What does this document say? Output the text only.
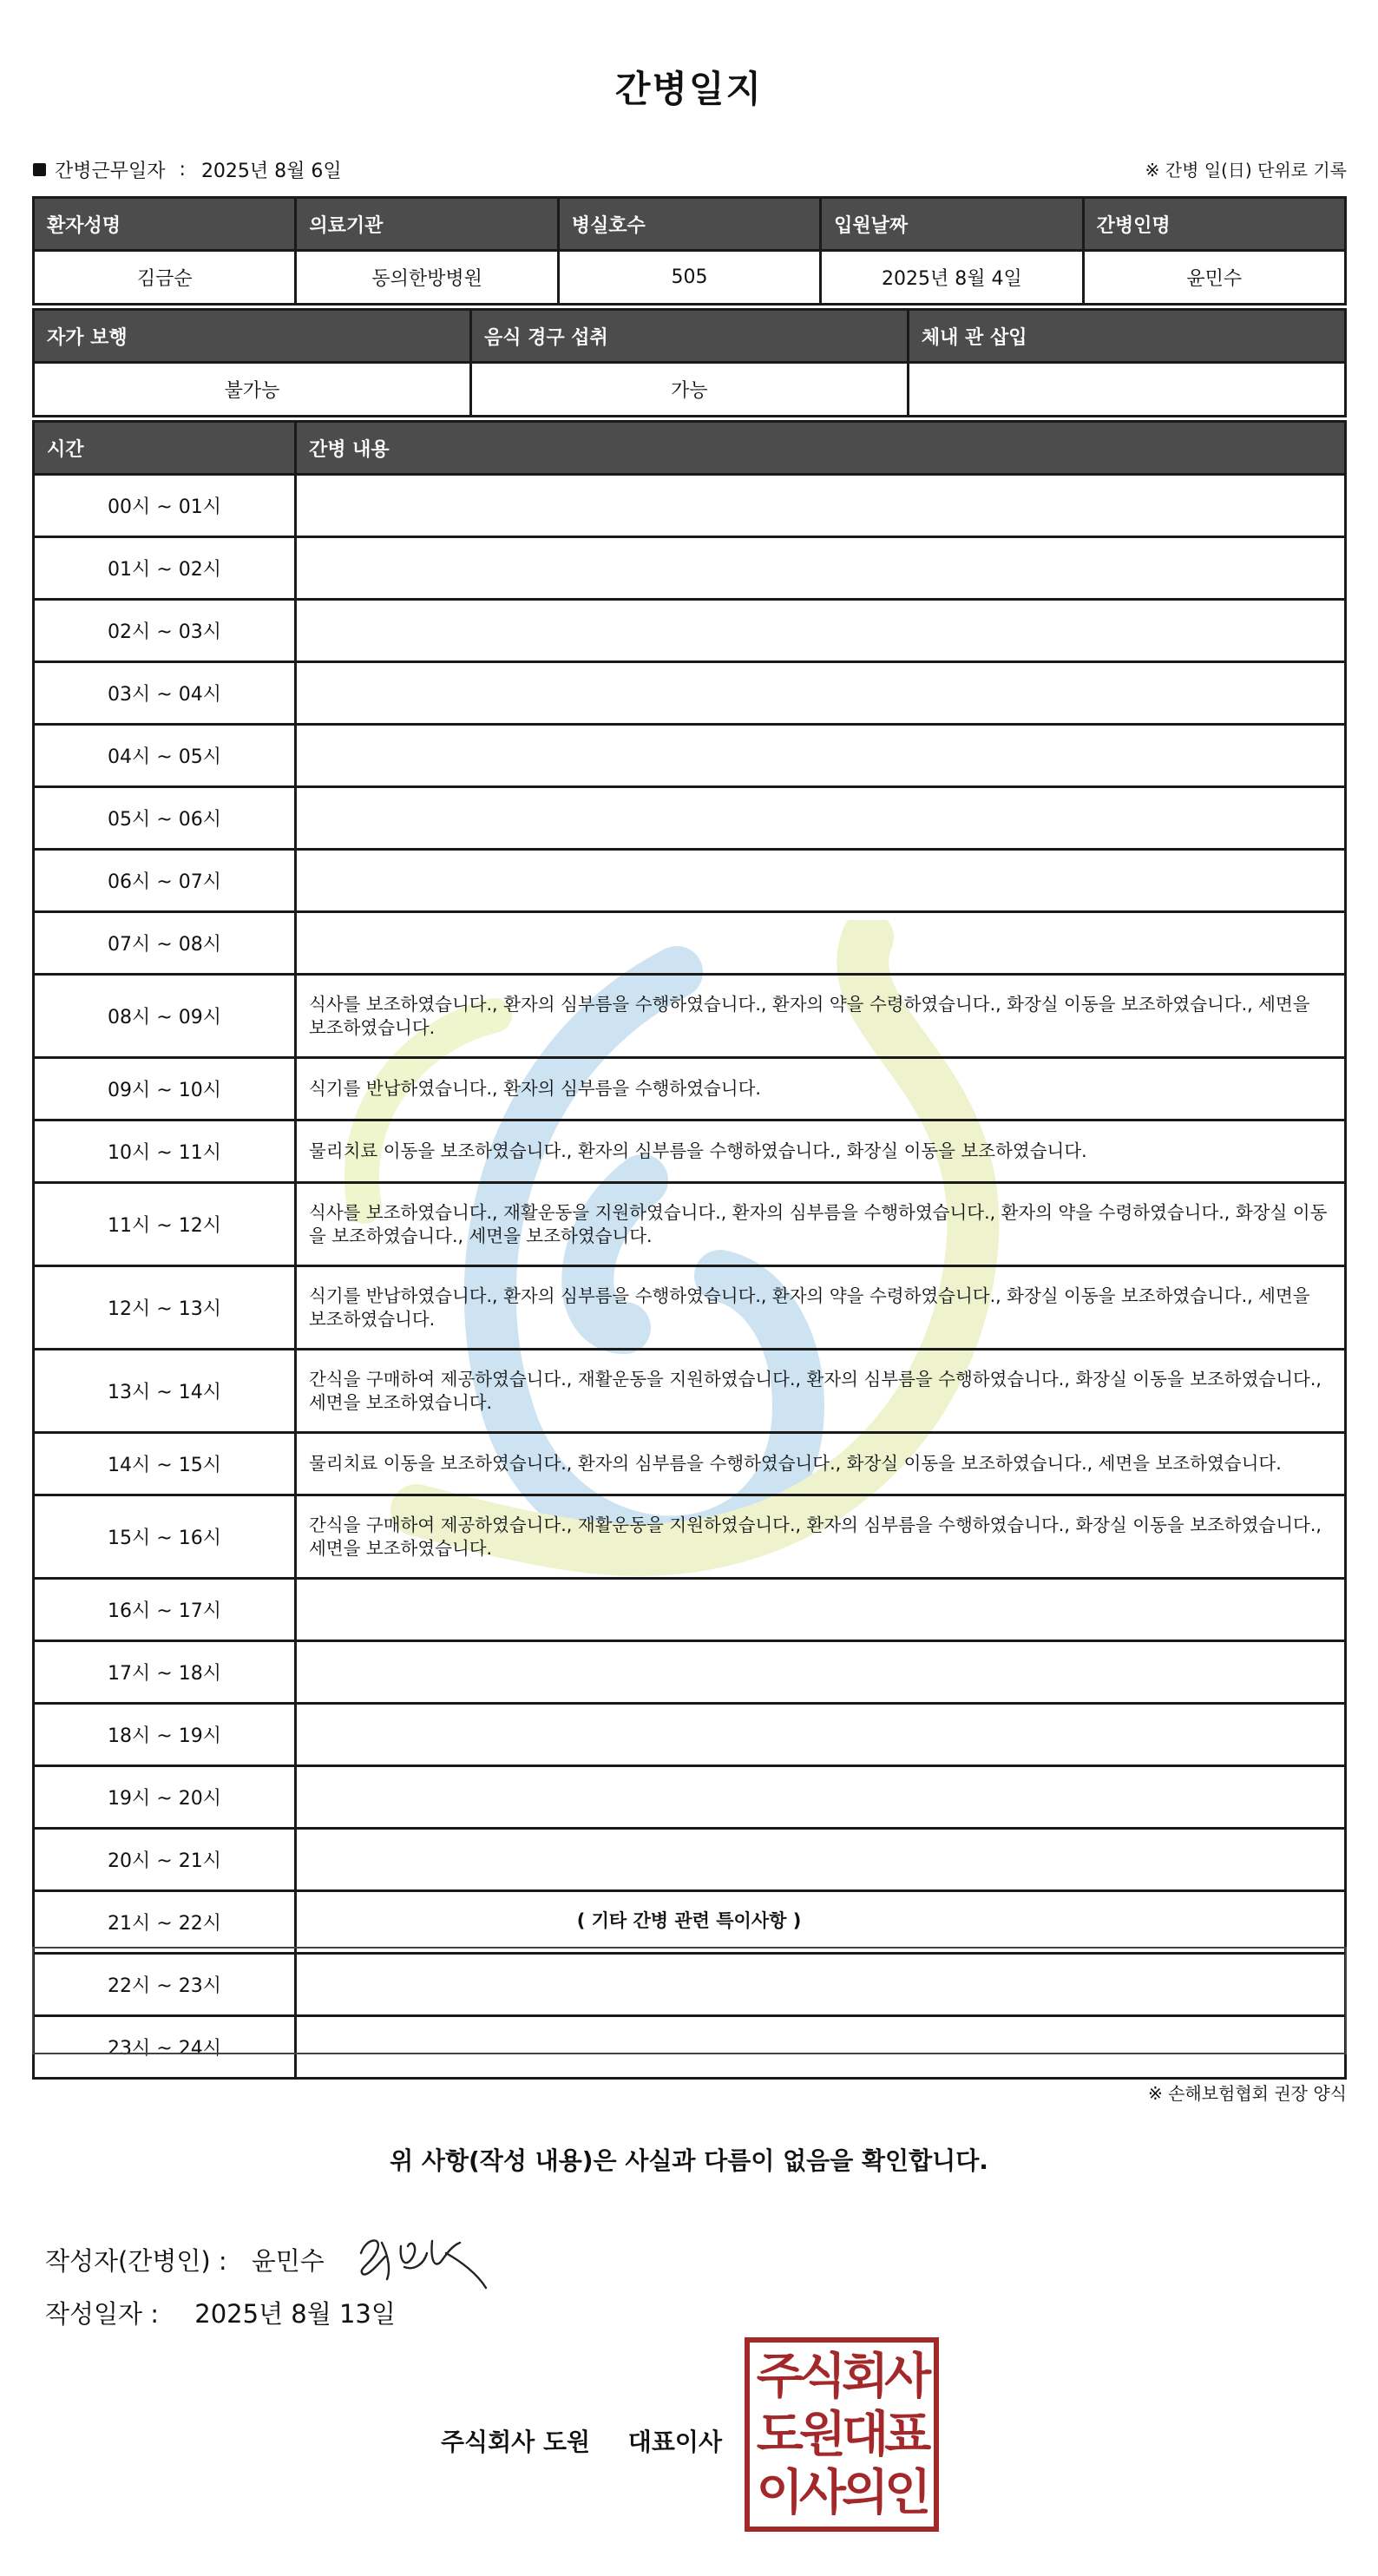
간병일지
간병근무일자 : 2025년 8월 6일	※ 간병 일(日) 단위로 기록
환자성명	의료기관	병실호수	입원날짜	간병인명
김금순	동의한방병원	505	2025년 8월 4일	윤민수
자가 보행	음식 경구 섭취	체내 관 삽입
불가능	가능	
시간	간병 내용
00시 ~ 01시	
01시 ~ 02시	
02시 ~ 03시	
03시 ~ 04시	
04시 ~ 05시	
05시 ~ 06시	
06시 ~ 07시	
07시 ~ 08시	
08시 ~ 09시	식사를 보조하였습니다., 환자의 심부름을 수행하였습니다., 환자의 약을 수령하였습니다., 화장실 이동을 보조하였습니다., 세면을 보조하였습니다.
09시 ~ 10시	식기를 반납하였습니다., 환자의 심부름을 수행하였습니다.
10시 ~ 11시	물리치료 이동을 보조하였습니다., 환자의 심부름을 수행하였습니다., 화장실 이동을 보조하였습니다.
11시 ~ 12시	식사를 보조하였습니다., 재활운동을 지원하였습니다., 환자의 심부름을 수행하였습니다., 환자의 약을 수령하였습니다., 화장실 이동을 보조하였습니다., 세면을 보조하였습니다.
12시 ~ 13시	식기를 반납하였습니다., 환자의 심부름을 수행하였습니다., 환자의 약을 수령하였습니다., 화장실 이동을 보조하였습니다., 세면을 보조하였습니다.
13시 ~ 14시	간식을 구매하여 제공하였습니다., 재활운동을 지원하였습니다., 환자의 심부름을 수행하였습니다., 화장실 이동을 보조하였습니다., 세면을 보조하였습니다.
14시 ~ 15시	물리치료 이동을 보조하였습니다., 환자의 심부름을 수행하였습니다., 화장실 이동을 보조하였습니다., 세면을 보조하였습니다.
15시 ~ 16시	간식을 구매하여 제공하였습니다., 재활운동을 지원하였습니다., 환자의 심부름을 수행하였습니다., 화장실 이동을 보조하였습니다., 세면을 보조하였습니다.
16시 ~ 17시	
17시 ~ 18시	
18시 ~ 19시	
19시 ~ 20시	
20시 ~ 21시	
21시 ~ 22시	
22시 ~ 23시	
23시 ~ 24시	
( 기타 간병 관련 특이사항 )
※ 손해보험협회 권장 양식
위 사항(작성 내용)은 사실과 다름이 없음을 확인합니다.
작성자(간병인) : 윤민수
작성일자 : 2025년 8월 13일
주식회사 도원 대표이사
주식회사
도원대표
이사의인
